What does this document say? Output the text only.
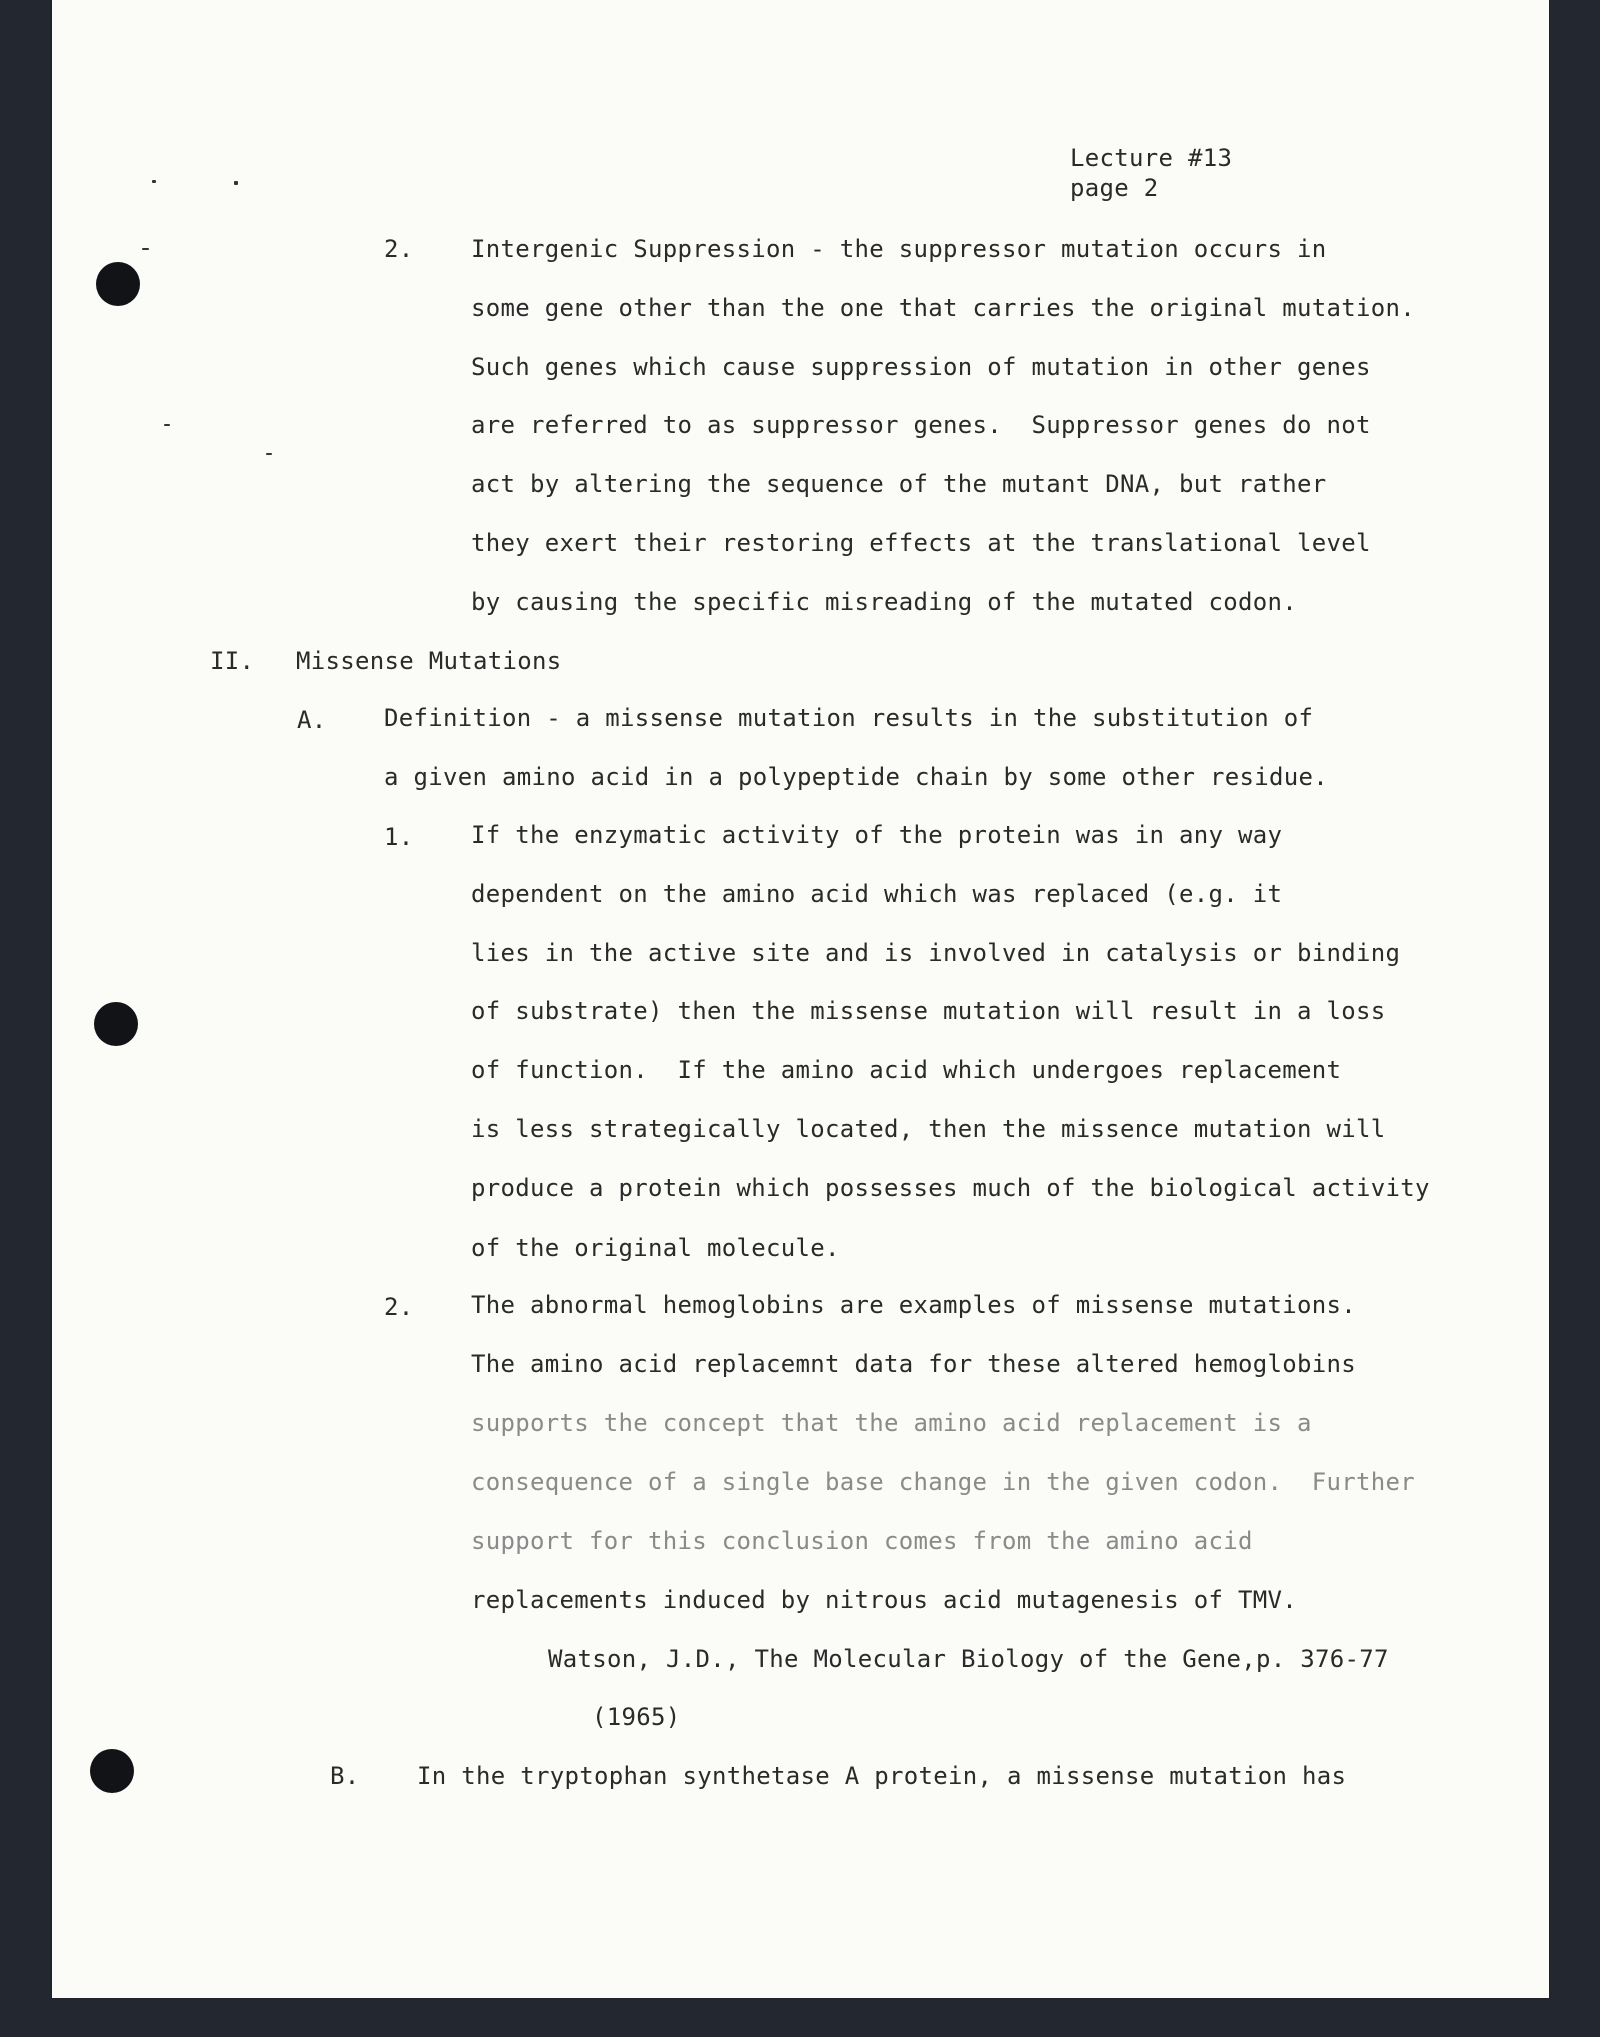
Lecture #13
page 2
2. Intergenic Suppression - the suppressor mutation occurs in
some gene other than the one that carries the original mutation.
Such genes which cause suppression of mutation in other genes
are referred to as suppressor genes.  Suppressor genes do not
act by altering the sequence of the mutant DNA, but rather
they exert their restoring effects at the translational level
by causing the specific misreading of the mutated codon.
II. Missense Mutations
A. Definition - a missense mutation results in the substitution of
a given amino acid in a polypeptide chain by some other residue.
1. If the enzymatic activity of the protein was in any way
dependent on the amino acid which was replaced (e.g. it
lies in the active site and is involved in catalysis or binding
of substrate) then the missense mutation will result in a loss
of function.  If the amino acid which undergoes replacement
is less strategically located, then the missence mutation will
produce a protein which possesses much of the biological activity
of the original molecule.
2. The abnormal hemoglobins are examples of missense mutations.
The amino acid replacemnt data for these altered hemoglobins
supports the concept that the amino acid replacement is a
consequence of a single base change in the given codon.  Further
support for this conclusion comes from the amino acid
replacements induced by nitrous acid mutagenesis of TMV.
Watson, J.D., The Molecular Biology of the Gene,p. 376-77
(1965)
B. In the tryptophan synthetase A protein, a missense mutation has
